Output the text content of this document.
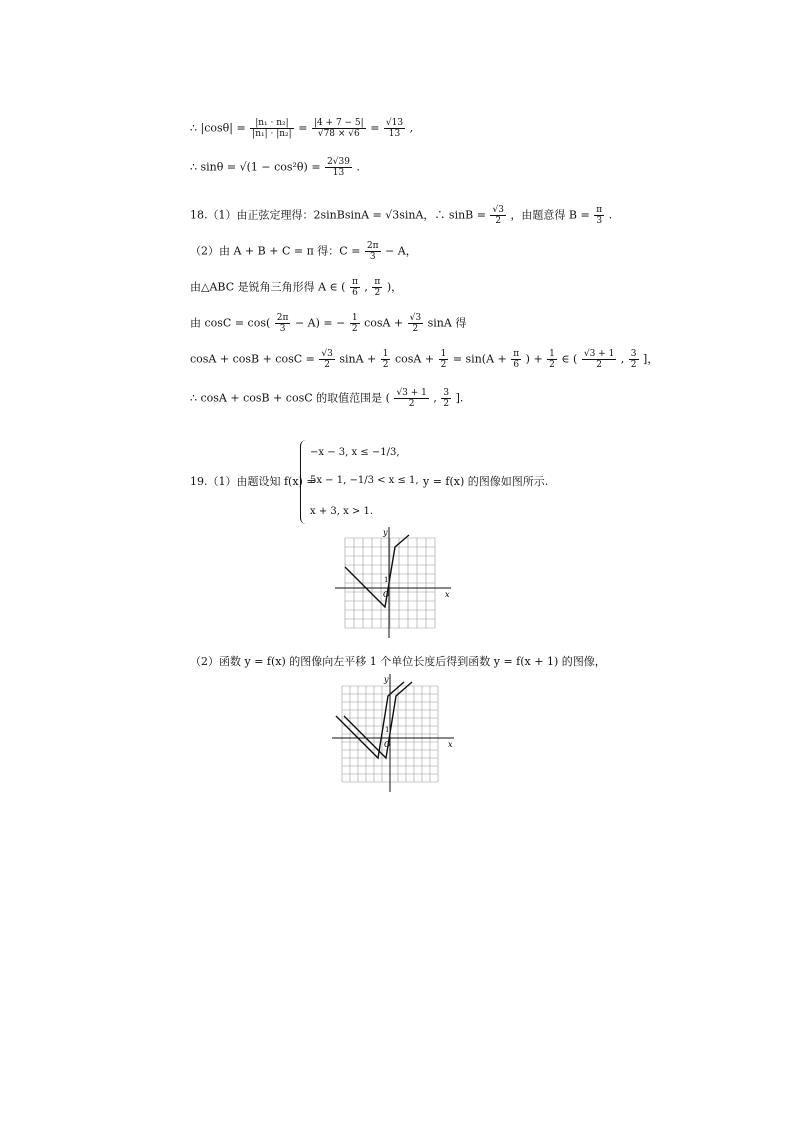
∴ $|\cos\theta| = \frac{\text{|n₁ · n₂|}}{\text{|n₁| · |n₂|}} = \frac{|4 + 7 - 5|}{√78 \times √6} = \frac{√13}{13}$ ,
∴ $\sin\theta = √(1 - \cos^2\theta) = \frac{2√39}{13}$ .
18.（1）由正弦定理得：2sinBsinA = √3sinA，∴ $\sin B = \frac{√3}{2}$ ，由题意得 $B = \frac{\pi}{3}$ .
（2）由 A + B + C = π 得：$C = \frac{2\pi}{3} - A$，
由△ABC 是锐角三角形得 A ∈ ( $\frac{\pi}{6}$ , $\frac{\pi}{2}$ )，
由 $\cos C = \cos( \frac{2\pi}{3} - A)$ = − $\frac{1}{2}$ $\cos A + \frac{√3}{2}$ sinA 得
$\cos A + \cos B + \cos C = \frac{√3}{2}$ $\sin A + \frac{1}{2}$ $\cos A + \frac{1}{2} = \sin(A + \frac{\pi}{6}$ ) + $\frac{1}{2}$ ∈ ( $\frac{√3 + 1}{2}$ , $\frac{3}{2}$ ]，
∴ cosA + cosB + cosC 的取值范围是 ( $\frac{√3 + 1}{2}$ , $\frac{3}{2}$ ].
19.（1）由题设知 f(x) =
−x − 3, x ≤ −1/3,
5x − 1, −1/3 < x ≤ 1,
x + 3, x > 1.
y = f(x) 的图像如图所示.
y
x
O
1
（2）函数 y = f(x) 的图像向左平移 1 个单位长度后得到函数 y = f(x + 1) 的图像，
y
x
O
1
